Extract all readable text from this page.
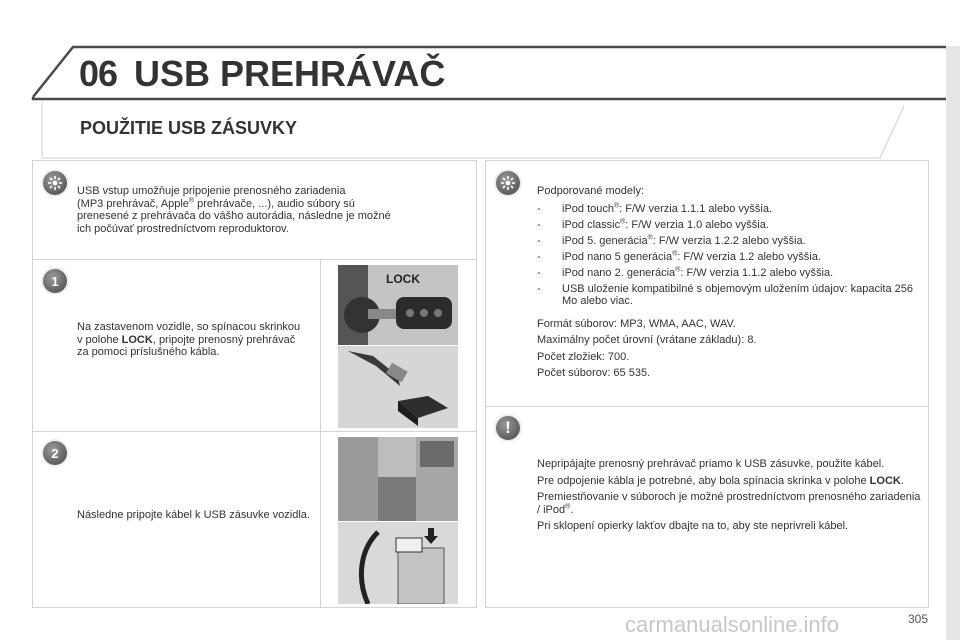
06 USB PREHRÁVAČ
POUŽITIE USB ZÁSUVKY
USB vstup umožňuje pripojenie prenosného zariadenia
(MP3 prehrávač, Apple® prehrávače, ...), audio súbory sú
prenesené z prehrávača do vášho autorádia, následne je možné
ich počúvať prostredníctvom reproduktorov.
1
Na zastavenom vozidle, so spínacou skrinkou v polohe LOCK, pripojte prenosný prehrávač za pomoci príslušného kábla.
LOCK
2
Následne pripojte kábel k USB zásuvke vozidla.
Podporované modely:
- iPod touch®: F/W verzia 1.1.1 alebo vyššia.
- iPod classic®: F/W verzia 1.0 alebo vyššia.
- iPod 5. generácia®: F/W verzia 1.2.2 alebo vyššia.
- iPod nano 5 generácia®: F/W verzia 1.2 alebo vyššia.
- iPod nano 2. generácia®: F/W verzia 1.1.2 alebo vyššia.
- USB uloženie kompatibilné s objemovým uložením údajov: kapacita 256 Mo alebo viac.
Formát súborov: MP3, WMA, AAC, WAV.
Maximálny počet úrovní (vrátane základu): 8.
Počet zložiek: 700.
Počet súborov: 65 535.
!
Nepripájajte prenosný prehrávač priamo k USB zásuvke, použite kábel.
Pre odpojenie kábla je potrebné, aby bola spínacia skrinka v polohe LOCK.
Premiestňovanie v súboroch je možné prostredníctvom prenosného zariadenia / iPod®.
Pri sklopení opierky lakťov dbajte na to, aby ste neprivreli kábel.
carmanualsonline.info	305
